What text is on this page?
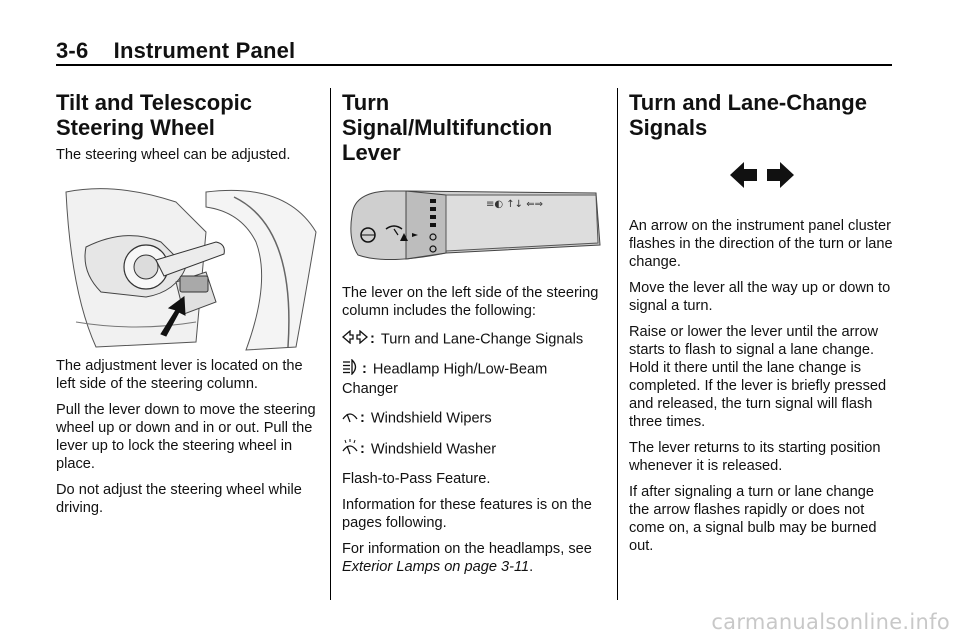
3-6    Instrument Panel
Tilt and Telescopic Steering Wheel

The steering wheel can be adjusted.

The adjustment lever is located on the left side of the steering column.

Pull the lever down to move the steering wheel up or down and in or out. Pull the lever up to lock the steering wheel in place.

Do not adjust the steering wheel while driving.

Turn Signal/Multifunction Lever
≡◐ ↑↓ ⇐⇒

The lever on the left side of the steering column includes the following:

: Turn and Lane-Change Signals
: Headlamp High/Low-Beam Changer
: Windshield Wipers
: Windshield Washer

Flash-to-Pass Feature.

Information for these features is on the pages following.

For information on the headlamps, see Exterior Lamps on page 3-11.

Turn and Lane-Change Signals

An arrow on the instrument panel cluster flashes in the direction of the turn or lane change.

Move the lever all the way up or down to signal a turn.

Raise or lower the lever until the arrow starts to flash to signal a lane change. Hold it there until the lane change is completed. If the lever is briefly pressed and released, the turn signal will flash three times.

The lever returns to its starting position whenever it is released.

If after signaling a turn or lane change the arrow flashes rapidly or does not come on, a signal bulb may be burned out.

carmanualsonline.info
